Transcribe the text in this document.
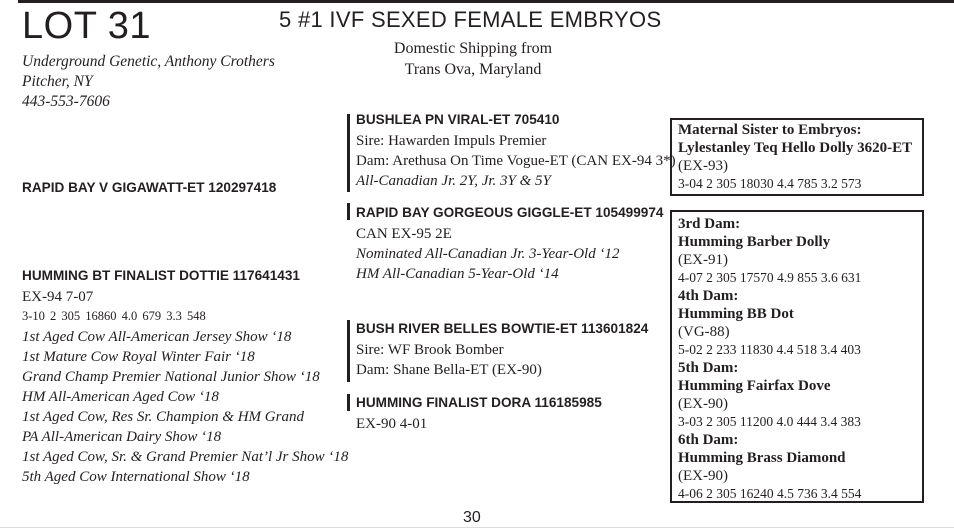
LOT 31	5 #1 IVF SEXED FEMALE EMBRYOS
Domestic Shipping from
Trans Ova, Maryland
Underground Genetic, Anthony Crothers
Pitcher, NY
443-553-7606
RAPID BAY V GIGAWATT-ET 120297418
HUMMING BT FINALIST DOTTIE 117641431
EX-94 7-07
3-10 2 305 16860 4.0 679 3.3 548
1st Aged Cow All-American Jersey Show ‘18
1st Mature Cow Royal Winter Fair ‘18
Grand Champ Premier National Junior Show ‘18
HM All-American Aged Cow ‘18
1st Aged Cow, Res Sr. Champion & HM Grand
PA All-American Dairy Show ‘18
1st Aged Cow, Sr. & Grand Premier Nat’l Jr Show ‘18
5th Aged Cow International Show ‘18
BUSHLEA PN VIRAL-ET 705410
Sire: Hawarden Impuls Premier
Dam: Arethusa On Time Vogue-ET (CAN EX-94 3*)
All-Canadian Jr. 2Y, Jr. 3Y & 5Y
RAPID BAY GORGEOUS GIGGLE-ET 105499974
CAN EX-95 2E
Nominated All-Canadian Jr. 3-Year-Old ‘12
HM All-Canadian 5-Year-Old ‘14
BUSH RIVER BELLES BOWTIE-ET 113601824
Sire: WF Brook Bomber
Dam: Shane Bella-ET (EX-90)
HUMMING FINALIST DORA 116185985
EX-90 4-01
Maternal Sister to Embryos:
Lylestanley Teq Hello Dolly 3620-ET
(EX-93)
3-04 2 305 18030 4.4 785 3.2 573
3rd Dam:
Humming Barber Dolly
(EX-91)
4-07 2 305 17570 4.9 855 3.6 631
4th Dam:
Humming BB Dot
(VG-88)
5-02 2 233 11830 4.4 518 3.4 403
5th Dam:
Humming Fairfax Dove
(EX-90)
3-03 2 305 11200 4.0 444 3.4 383
6th Dam:
Humming Brass Diamond
(EX-90)
4-06 2 305 16240 4.5 736 3.4 554
30
